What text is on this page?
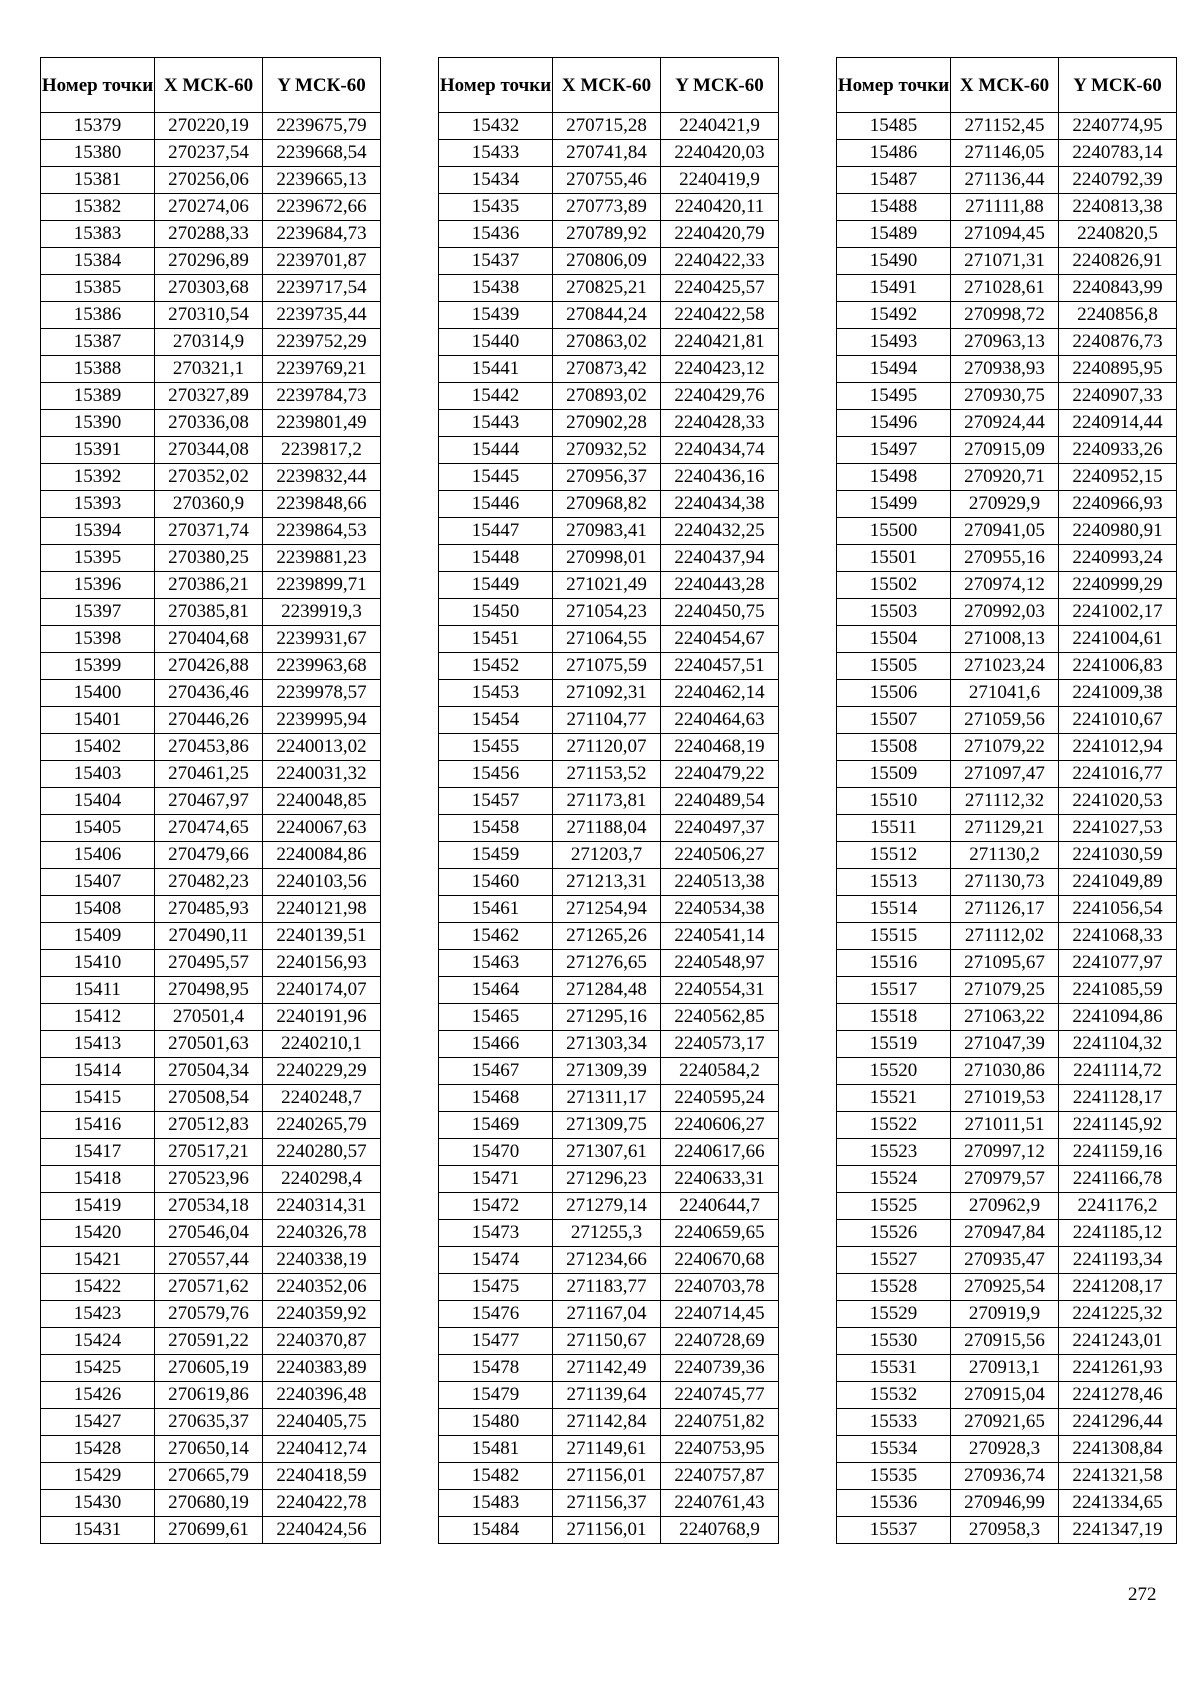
Номер точки	X МСК-60	Y МСК-60
15379	270220,19	2239675,79
15380	270237,54	2239668,54
15381	270256,06	2239665,13
15382	270274,06	2239672,66
15383	270288,33	2239684,73
15384	270296,89	2239701,87
15385	270303,68	2239717,54
15386	270310,54	2239735,44
15387	270314,9	2239752,29
15388	270321,1	2239769,21
15389	270327,89	2239784,73
15390	270336,08	2239801,49
15391	270344,08	2239817,2
15392	270352,02	2239832,44
15393	270360,9	2239848,66
15394	270371,74	2239864,53
15395	270380,25	2239881,23
15396	270386,21	2239899,71
15397	270385,81	2239919,3
15398	270404,68	2239931,67
15399	270426,88	2239963,68
15400	270436,46	2239978,57
15401	270446,26	2239995,94
15402	270453,86	2240013,02
15403	270461,25	2240031,32
15404	270467,97	2240048,85
15405	270474,65	2240067,63
15406	270479,66	2240084,86
15407	270482,23	2240103,56
15408	270485,93	2240121,98
15409	270490,11	2240139,51
15410	270495,57	2240156,93
15411	270498,95	2240174,07
15412	270501,4	2240191,96
15413	270501,63	2240210,1
15414	270504,34	2240229,29
15415	270508,54	2240248,7
15416	270512,83	2240265,79
15417	270517,21	2240280,57
15418	270523,96	2240298,4
15419	270534,18	2240314,31
15420	270546,04	2240326,78
15421	270557,44	2240338,19
15422	270571,62	2240352,06
15423	270579,76	2240359,92
15424	270591,22	2240370,87
15425	270605,19	2240383,89
15426	270619,86	2240396,48
15427	270635,37	2240405,75
15428	270650,14	2240412,74
15429	270665,79	2240418,59
15430	270680,19	2240422,78
15431	270699,61	2240424,56
Номер точки	X МСК-60	Y МСК-60
15432	270715,28	2240421,9
15433	270741,84	2240420,03
15434	270755,46	2240419,9
15435	270773,89	2240420,11
15436	270789,92	2240420,79
15437	270806,09	2240422,33
15438	270825,21	2240425,57
15439	270844,24	2240422,58
15440	270863,02	2240421,81
15441	270873,42	2240423,12
15442	270893,02	2240429,76
15443	270902,28	2240428,33
15444	270932,52	2240434,74
15445	270956,37	2240436,16
15446	270968,82	2240434,38
15447	270983,41	2240432,25
15448	270998,01	2240437,94
15449	271021,49	2240443,28
15450	271054,23	2240450,75
15451	271064,55	2240454,67
15452	271075,59	2240457,51
15453	271092,31	2240462,14
15454	271104,77	2240464,63
15455	271120,07	2240468,19
15456	271153,52	2240479,22
15457	271173,81	2240489,54
15458	271188,04	2240497,37
15459	271203,7	2240506,27
15460	271213,31	2240513,38
15461	271254,94	2240534,38
15462	271265,26	2240541,14
15463	271276,65	2240548,97
15464	271284,48	2240554,31
15465	271295,16	2240562,85
15466	271303,34	2240573,17
15467	271309,39	2240584,2
15468	271311,17	2240595,24
15469	271309,75	2240606,27
15470	271307,61	2240617,66
15471	271296,23	2240633,31
15472	271279,14	2240644,7
15473	271255,3	2240659,65
15474	271234,66	2240670,68
15475	271183,77	2240703,78
15476	271167,04	2240714,45
15477	271150,67	2240728,69
15478	271142,49	2240739,36
15479	271139,64	2240745,77
15480	271142,84	2240751,82
15481	271149,61	2240753,95
15482	271156,01	2240757,87
15483	271156,37	2240761,43
15484	271156,01	2240768,9
Номер точки	X МСК-60	Y МСК-60
15485	271152,45	2240774,95
15486	271146,05	2240783,14
15487	271136,44	2240792,39
15488	271111,88	2240813,38
15489	271094,45	2240820,5
15490	271071,31	2240826,91
15491	271028,61	2240843,99
15492	270998,72	2240856,8
15493	270963,13	2240876,73
15494	270938,93	2240895,95
15495	270930,75	2240907,33
15496	270924,44	2240914,44
15497	270915,09	2240933,26
15498	270920,71	2240952,15
15499	270929,9	2240966,93
15500	270941,05	2240980,91
15501	270955,16	2240993,24
15502	270974,12	2240999,29
15503	270992,03	2241002,17
15504	271008,13	2241004,61
15505	271023,24	2241006,83
15506	271041,6	2241009,38
15507	271059,56	2241010,67
15508	271079,22	2241012,94
15509	271097,47	2241016,77
15510	271112,32	2241020,53
15511	271129,21	2241027,53
15512	271130,2	2241030,59
15513	271130,73	2241049,89
15514	271126,17	2241056,54
15515	271112,02	2241068,33
15516	271095,67	2241077,97
15517	271079,25	2241085,59
15518	271063,22	2241094,86
15519	271047,39	2241104,32
15520	271030,86	2241114,72
15521	271019,53	2241128,17
15522	271011,51	2241145,92
15523	270997,12	2241159,16
15524	270979,57	2241166,78
15525	270962,9	2241176,2
15526	270947,84	2241185,12
15527	270935,47	2241193,34
15528	270925,54	2241208,17
15529	270919,9	2241225,32
15530	270915,56	2241243,01
15531	270913,1	2241261,93
15532	270915,04	2241278,46
15533	270921,65	2241296,44
15534	270928,3	2241308,84
15535	270936,74	2241321,58
15536	270946,99	2241334,65
15537	270958,3	2241347,19
272
